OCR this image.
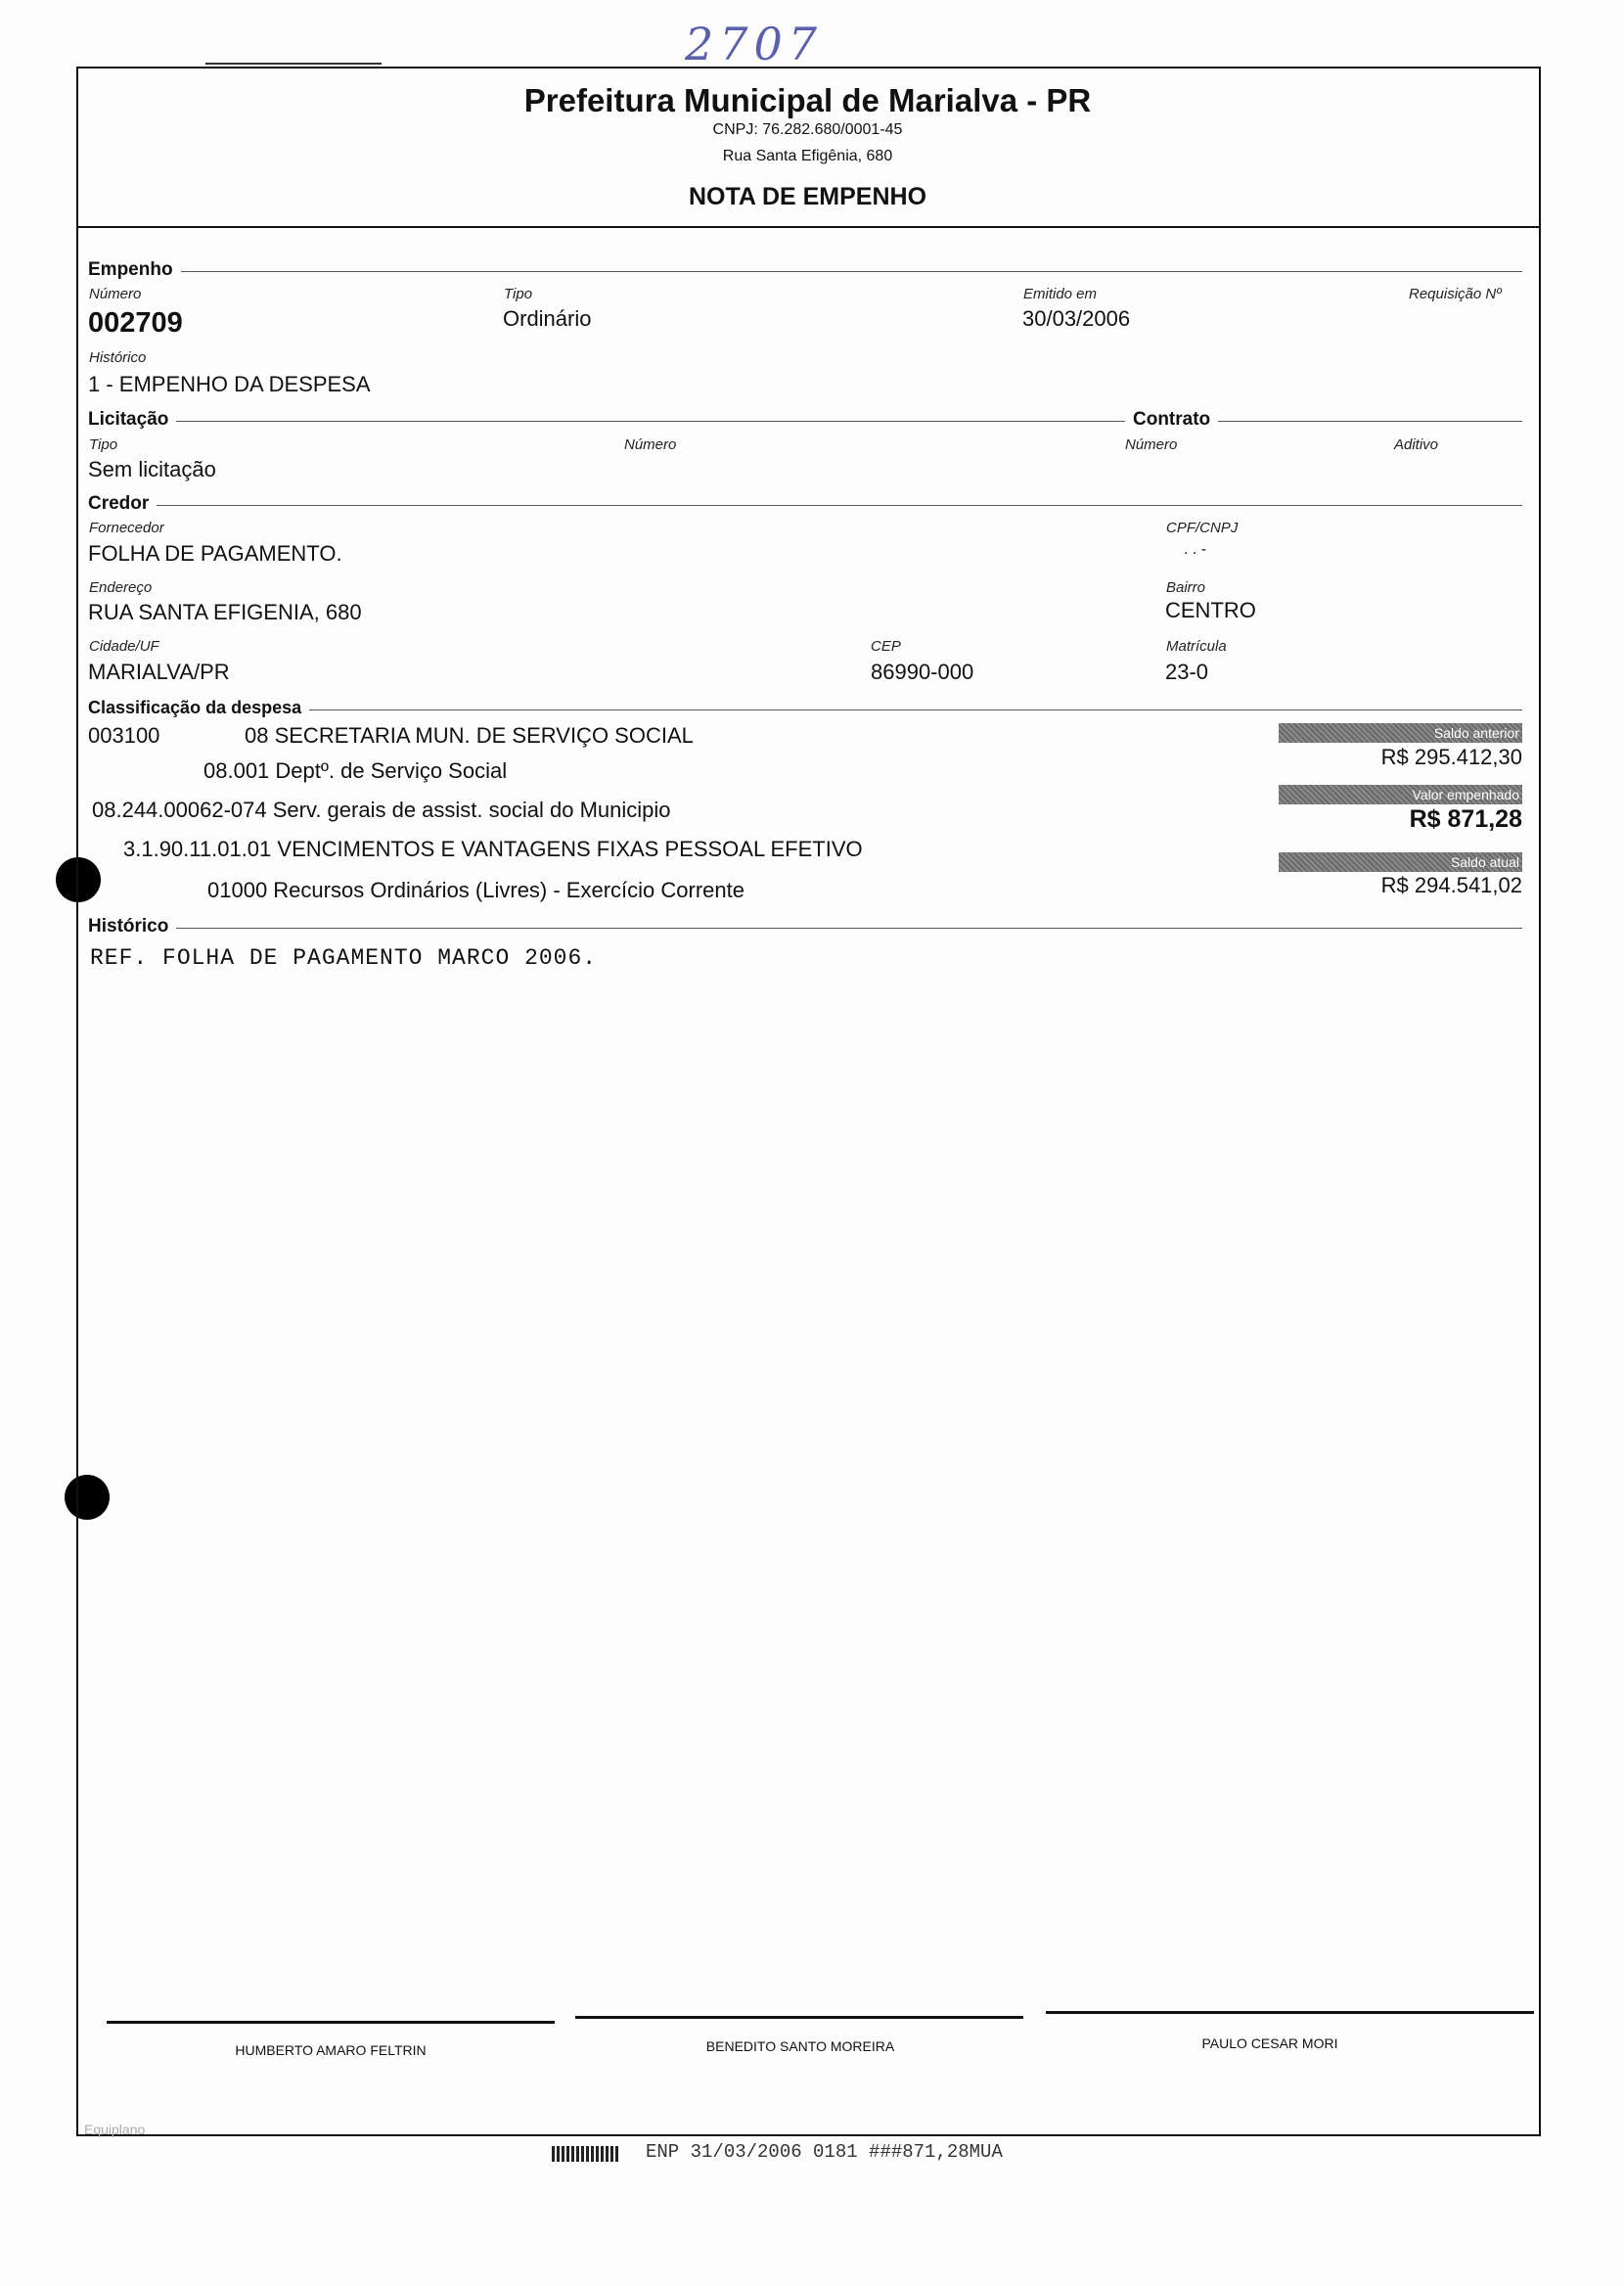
2707
Prefeitura Municipal de Marialva - PR
CNPJ: 76.282.680/0001-45
Rua Santa Efigênia, 680
NOTA DE EMPENHO
Empenho
Número
002709
Tipo
Ordinário
Emitido em
30/03/2006
Requisição Nº
Histórico
1 - EMPENHO DA DESPESA
Licitação	Contrato
Tipo
Sem licitação
Número	Número	Aditivo
Credor
Fornecedor
FOLHA DE PAGAMENTO.
CPF/CNPJ
. . -
Endereço
RUA SANTA EFIGENIA, 680
Bairro
CENTRO
Cidade/UF
MARIALVA/PR
CEP
86990-000
Matrícula
23-0
Classificação da despesa
003100	08 SECRETARIA MUN. DE SERVIÇO SOCIAL
08.001 Deptº. de Serviço Social
08.244.00062-074 Serv. gerais de assist. social do Municipio
3.1.90.11.01.01 VENCIMENTOS E VANTAGENS FIXAS PESSOAL EFETIVO
01000 Recursos Ordinários (Livres) - Exercício Corrente
Saldo anterior
R$ 295.412,30
Valor empenhado
R$ 871,28
Saldo atual
R$ 294.541,02
Histórico
REF. FOLHA DE PAGAMENTO MARCO 2006.
HUMBERTO AMARO FELTRIN	BENEDITO SANTO MOREIRA	PAULO CESAR MORI
Equiplano
ENP 31/03/2006 0181 ###871,28MUA
